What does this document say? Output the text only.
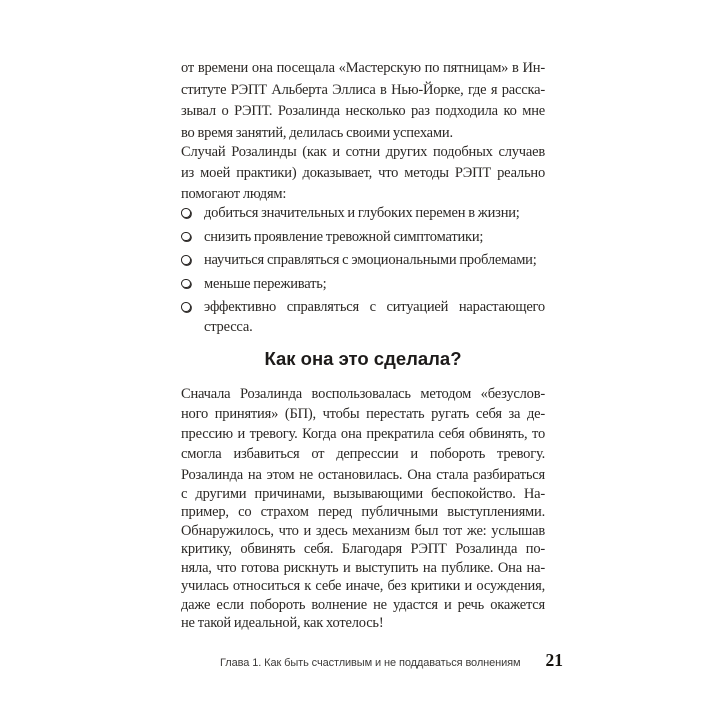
от времени она посещала «Мастерскую по пятницам» в Ин-
ституте РЭПТ Альберта Эллиса в Нью-Йорке, где я расска-
зывал о РЭПТ. Розалинда несколько раз подходила ко мне
во время занятий, делилась своими успехами.

Случай Розалинды (как и сотни других подобных случаев
из моей практики) доказывает, что методы РЭПТ реально
помогают людям:

добиться значительных и глубоких перемен в жизни;
снизить проявление тревожной симптоматики;
научиться справляться с эмоциональными проблемами;
меньше переживать;
эффективно справляться с ситуацией нарастающего
стресса.
Как она это сделала?

Сначала Розалинда воспользовалась методом «безуслов-
ного принятия» (БП), чтобы перестать ругать себя за де-
прессию и тревогу. Когда она прекратила себя обвинять, то
смогла избавиться от депрессии и побороть тревогу.

Розалинда на этом не остановилась. Она стала разбираться
с другими причинами, вызывающими беспокойство. На-
пример, со страхом перед публичными выступлениями.
Обнаружилось, что и здесь механизм был тот же: услышав
критику, обвинять себя. Благодаря РЭПТ Розалинда по-
няла, что готова рискнуть и выступить на публике. Она на-
училась относиться к себе иначе, без критики и осуждения,
даже если побороть волнение не удастся и речь окажется
не такой идеальной, как хотелось!

Глава 1. Как быть счастливым и не поддаваться волнениям 21
